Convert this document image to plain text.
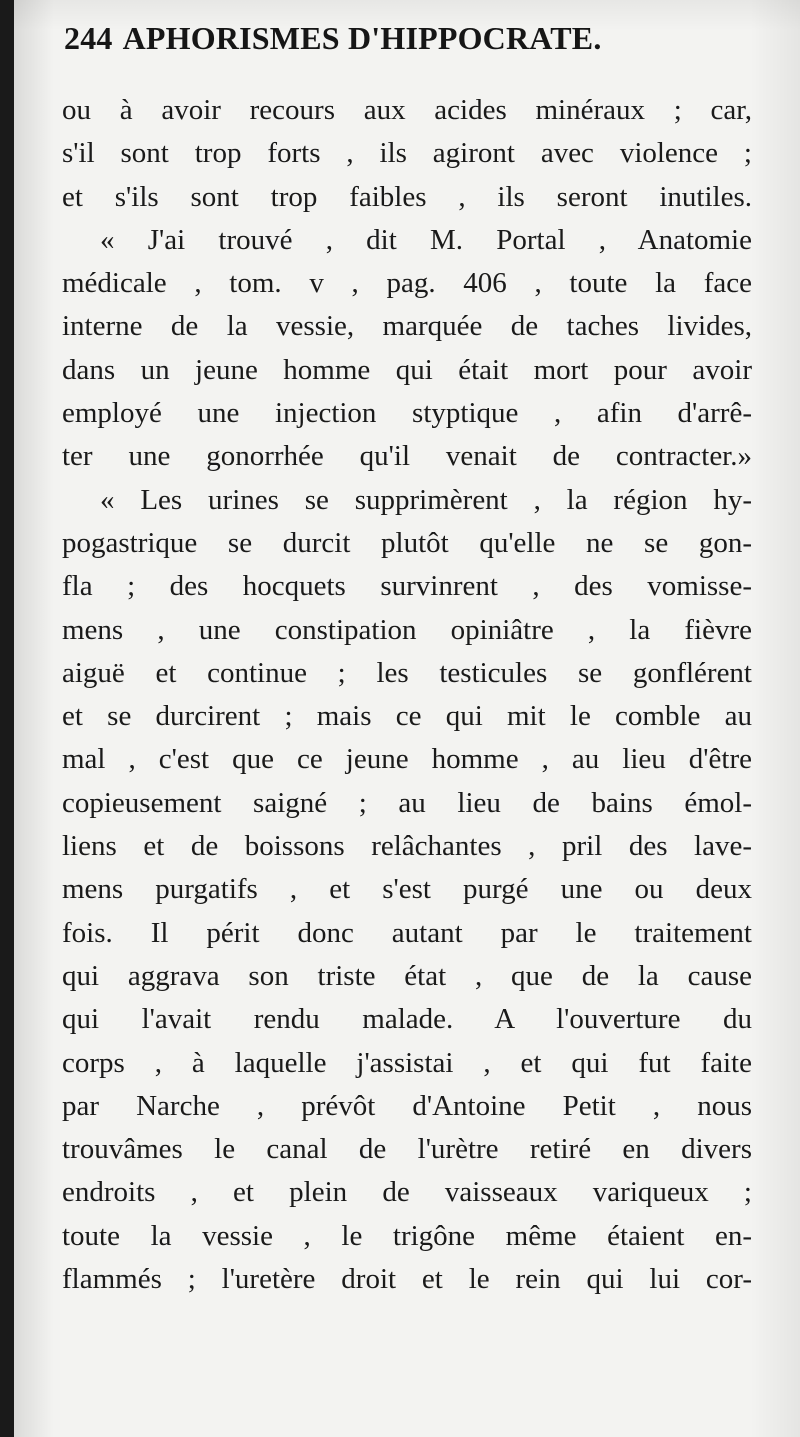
244 APHORISMES D'HIPPOCRATE.
ou à avoir recours aux acides minéraux ; car,
s'il sont trop forts , ils agiront avec violence ;
et s'ils sont trop faibles , ils seront inutiles.
« J'ai trouvé , dit M. Portal , Anatomie
médicale , tom. v , pag. 406 , toute la face
interne de la vessie, marquée de taches livides,
dans un jeune homme qui était mort pour avoir
employé une injection styptique , afin d'arrê-
ter une gonorrhée qu'il venait de contracter.»
« Les urines se supprimèrent , la région hy-
pogastrique se durcit plutôt qu'elle ne se gon-
fla ; des hocquets survinrent , des vomisse-
mens , une constipation opiniâtre , la fièvre
aiguë et continue ; les testicules se gonflérent
et se durcirent ; mais ce qui mit le comble au
mal , c'est que ce jeune homme , au lieu d'être
copieusement saigné ; au lieu de bains émol-
liens et de boissons relâchantes , pril des lave-
mens purgatifs , et s'est purgé une ou deux
fois. Il périt donc autant par le traitement
qui aggrava son triste état , que de la cause
qui l'avait rendu malade. A l'ouverture du
corps , à laquelle j'assistai , et qui fut faite
par Narche , prévôt d'Antoine Petit , nous
trouvâmes le canal de l'urètre retiré en divers
endroits , et plein de vaisseaux variqueux ;
toute la vessie , le trigône même étaient en-
flammés ; l'uretère droit et le rein qui lui cor-
